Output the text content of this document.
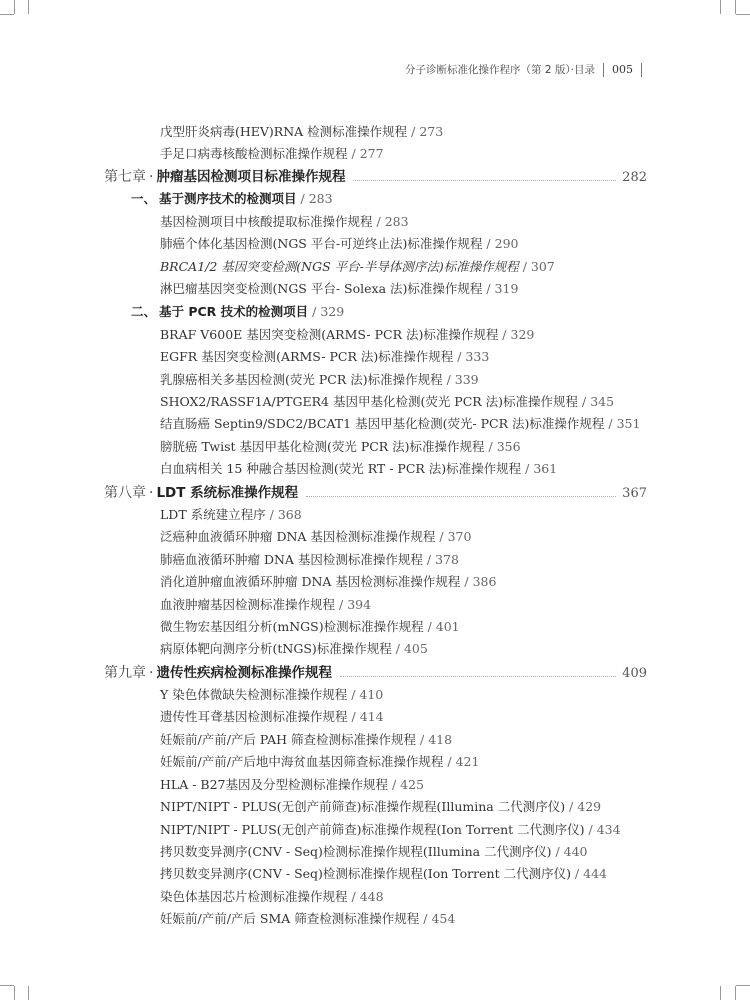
分子诊断标准化操作程序（第 2 版）·目录 005
戊型肝炎病毒(HEV)RNA 检测标准操作规程 / 273
手足口病毒核酸检测标准操作规程 / 277
第七章 · 肿瘤基因检测项目标准操作规程	282
一、 基于测序技术的检测项目 / 283
基因检测项目中核酸提取标准操作规程 / 283
肺癌个体化基因检测(NGS 平台-可逆终止法)标准操作规程 / 290
BRCA1/2 基因突变检测(NGS 平台-半导体测序法)标准操作规程 / 307
淋巴瘤基因突变检测(NGS 平台- Solexa 法)标准操作规程 / 319
二、 基于 PCR 技术的检测项目 / 329
BRAF V600E 基因突变检测(ARMS- PCR 法)标准操作规程 / 329
EGFR 基因突变检测(ARMS- PCR 法)标准操作规程 / 333
乳腺癌相关多基因检测(荧光 PCR 法)标准操作规程 / 339
SHOX2/RASSF1A/PTGER4 基因甲基化检测(荧光 PCR 法)标准操作规程 / 345
结直肠癌 Septin9/SDC2/BCAT1 基因甲基化检测(荧光- PCR 法)标准操作规程 / 351
膀胱癌 Twist 基因甲基化检测(荧光 PCR 法)标准操作规程 / 356
白血病相关 15 种融合基因检测(荧光 RT - PCR 法)标准操作规程 / 361
第八章 · LDT 系统标准操作规程	367
LDT 系统建立程序 / 368
泛癌种血液循环肿瘤 DNA 基因检测标准操作规程 / 370
肺癌血液循环肿瘤 DNA 基因检测标准操作规程 / 378
消化道肿瘤血液循环肿瘤 DNA 基因检测标准操作规程 / 386
血液肿瘤基因检测标准操作规程 / 394
微生物宏基因组分析(mNGS)检测标准操作规程 / 401
病原体靶向测序分析(tNGS)标准操作规程 / 405
第九章 · 遗传性疾病检测标准操作规程	409
Y 染色体微缺失检测标准操作规程 / 410
遗传性耳聋基因检测标准操作规程 / 414
妊娠前/产前/产后 PAH 筛查检测标准操作规程 / 418
妊娠前/产前/产后地中海贫血基因筛查标准操作规程 / 421
HLA - B27基因及分型检测标准操作规程 / 425
NIPT/NIPT - PLUS(无创产前筛查)标准操作规程(Illumina 二代测序仪) / 429
NIPT/NIPT - PLUS(无创产前筛查)标准操作规程(Ion Torrent 二代测序仪) / 434
拷贝数变异测序(CNV - Seq)检测标准操作规程(Illumina 二代测序仪) / 440
拷贝数变异测序(CNV - Seq)检测标准操作规程(Ion Torrent 二代测序仪) / 444
染色体基因芯片检测标准操作规程 / 448
妊娠前/产前/产后 SMA 筛查检测标准操作规程 / 454
